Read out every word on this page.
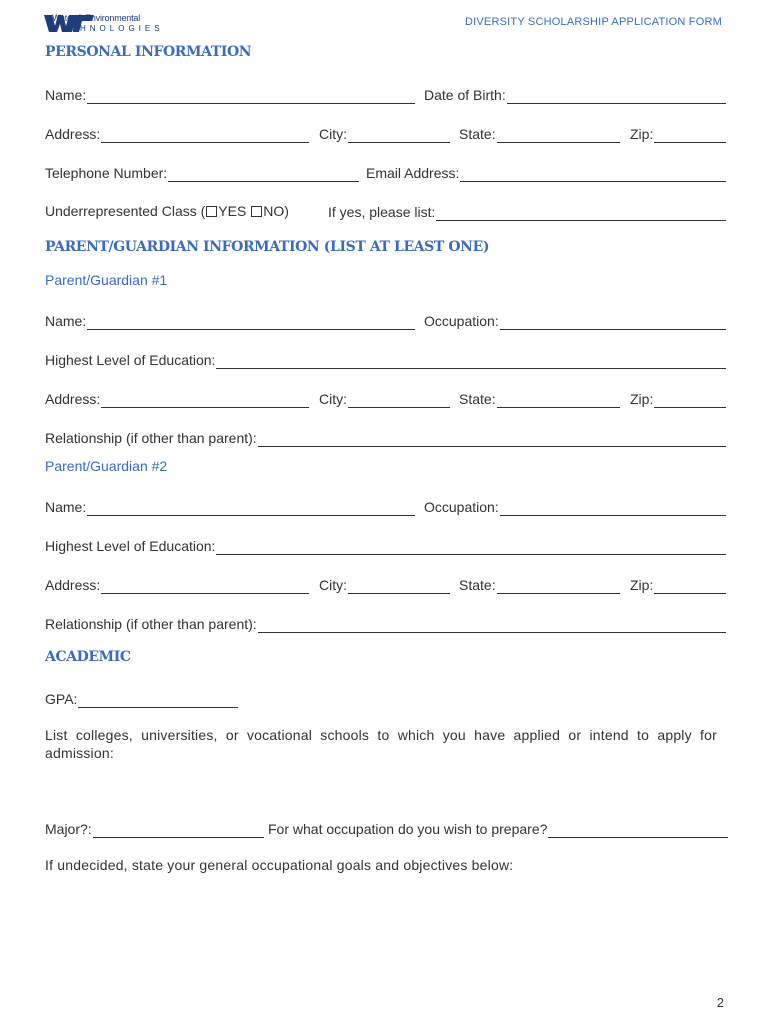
Water & Environmental
TECHNOLOGIES
DIVERSITY SCHOLARSHIP APPLICATION FORM
PERSONAL INFORMATION
Name:	Date of Birth:
Address:	City:	State:	Zip:
Telephone Number:	Email Address:
Underrepresented Class ( YES NO)	If yes, please list:
PARENT/GUARDIAN INFORMATION (LIST AT LEAST ONE)
Parent/Guardian #1
Name:	Occupation:
Highest Level of Education:
Address:	City:	State:	Zip:
Relationship (if other than parent):
Parent/Guardian #2
Name:	Occupation:
Highest Level of Education:
Address:	City:	State:	Zip:
Relationship (if other than parent):
ACADEMIC
GPA:
List colleges, universities, or vocational schools to which you have applied or intend to apply for admission:
Major?:	For what occupation do you wish to prepare?
If undecided, state your general occupational goals and objectives below:
2
